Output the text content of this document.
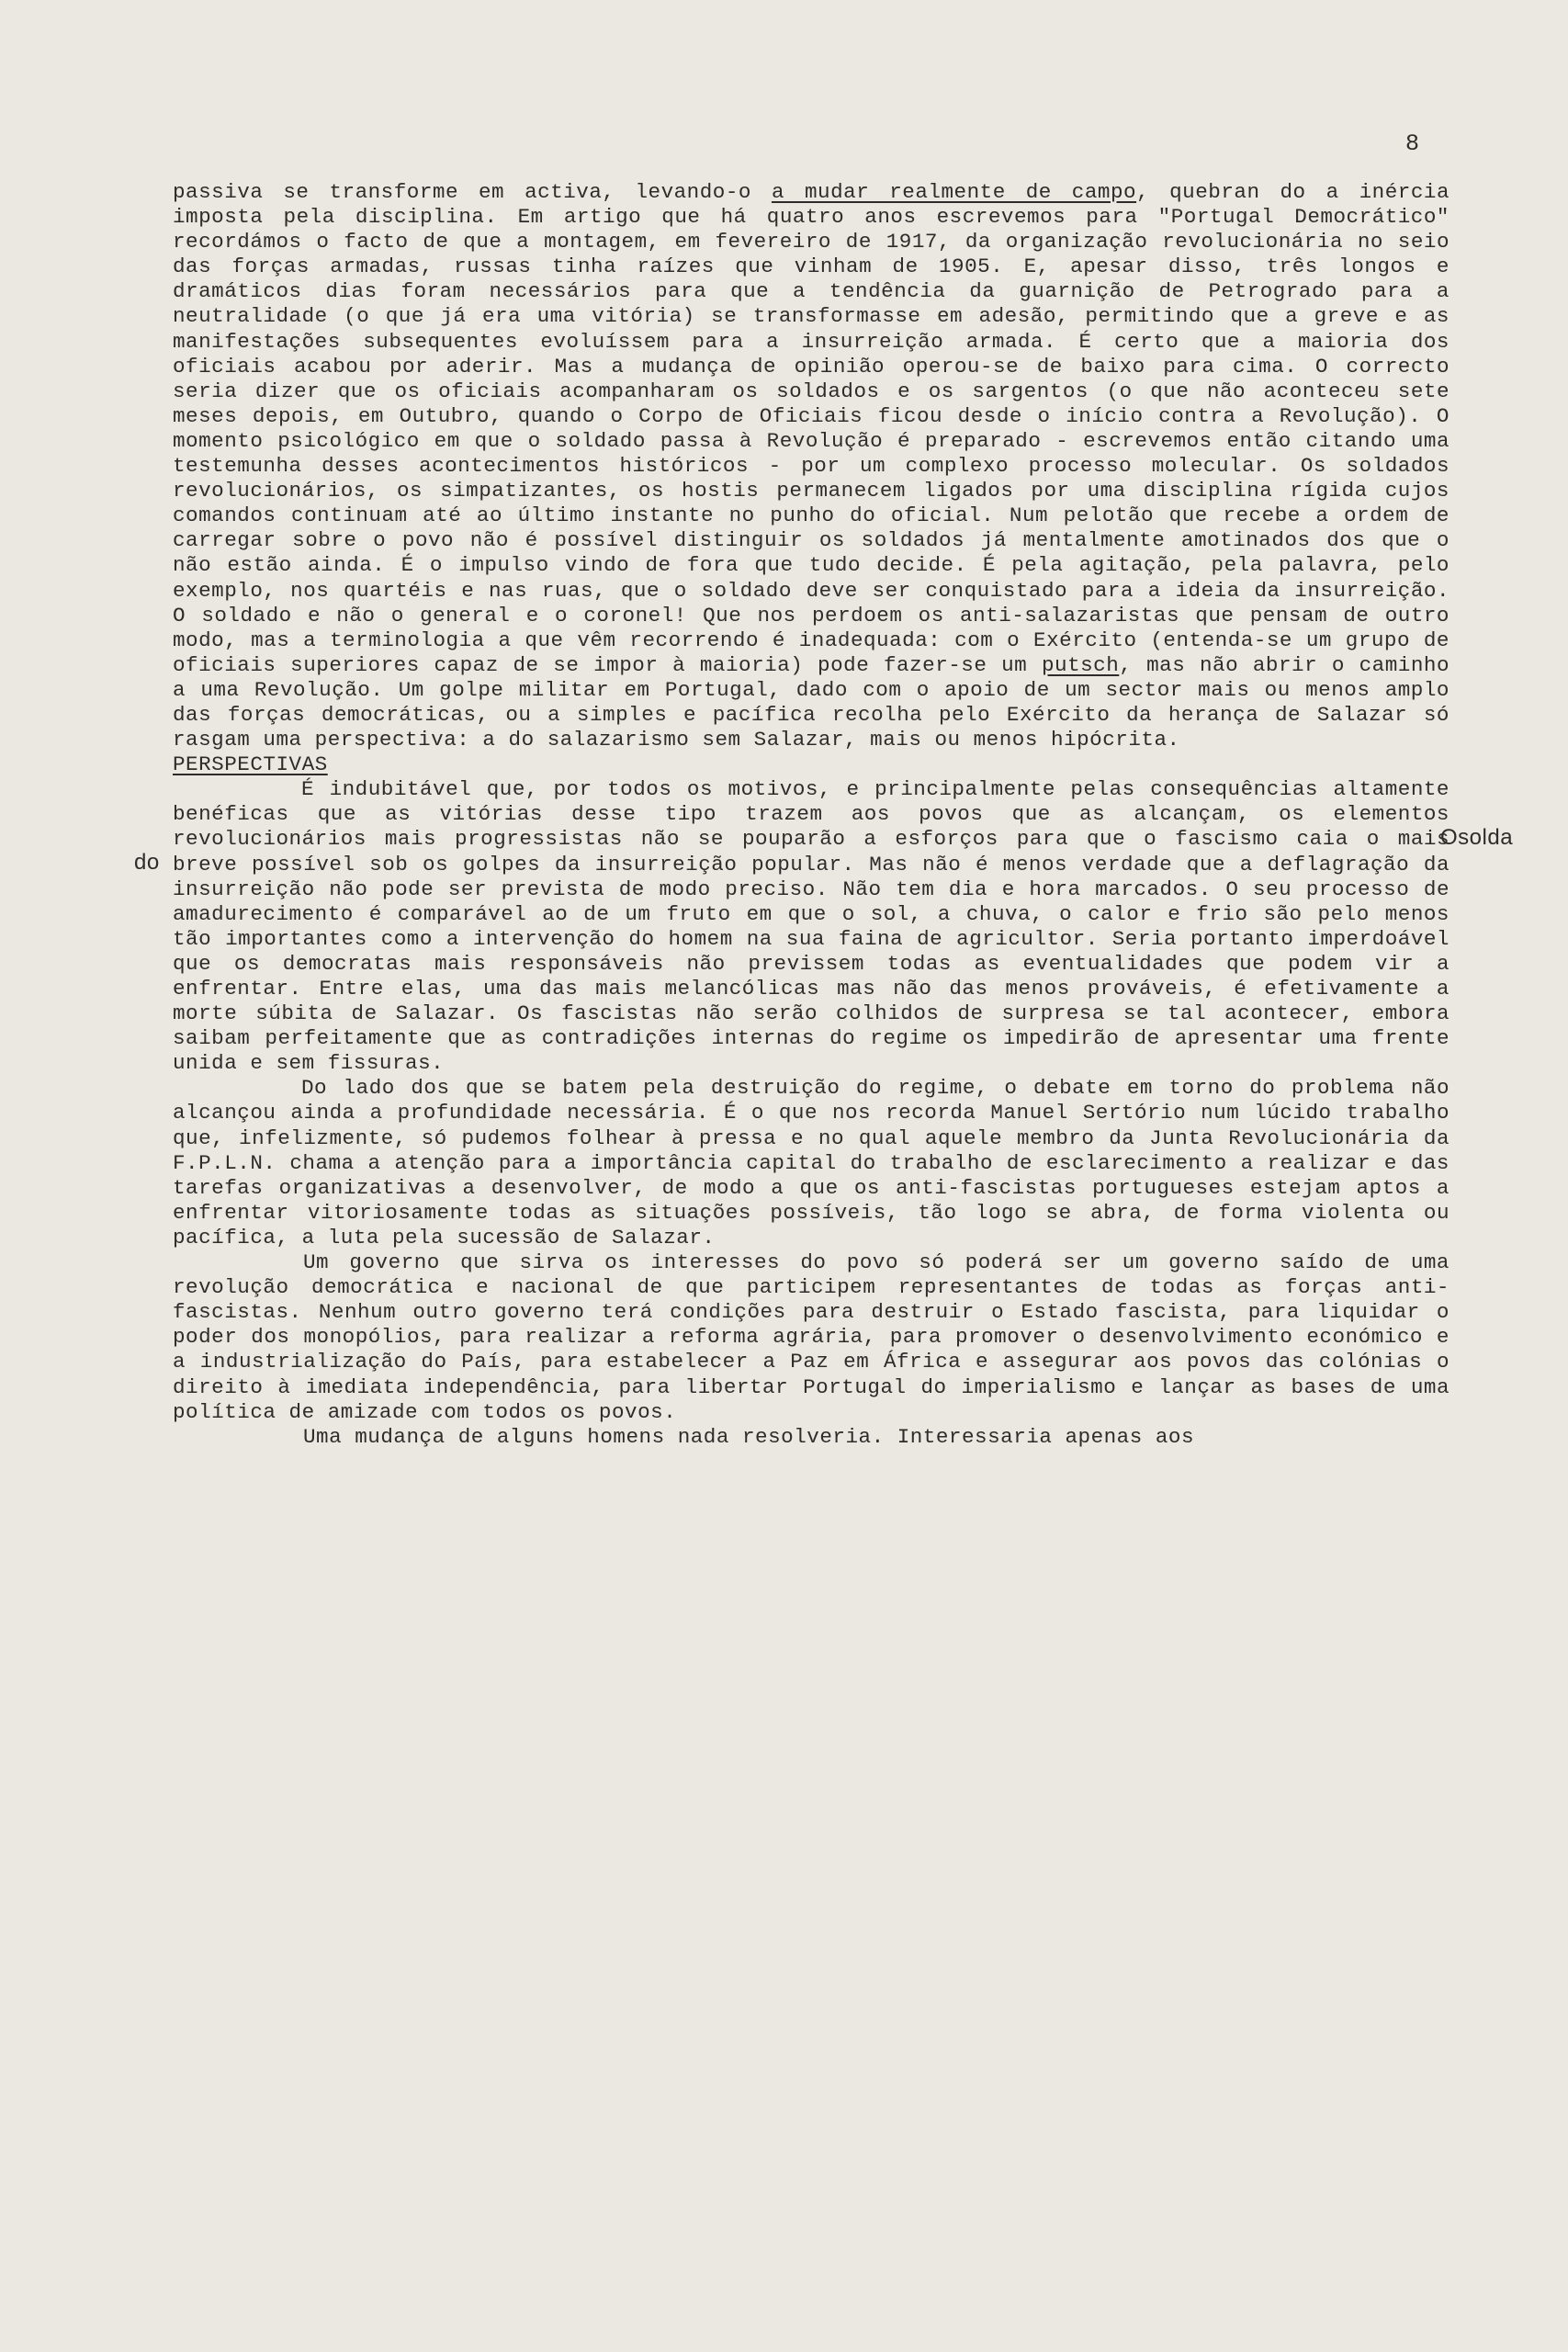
8

passiva se transforme em activa, levando-o a mudar realmente de campo, quebran do a inércia imposta pela disciplina. Em artigo que há quatro anos escrevemos para "Portugal Democrático" recordámos o facto de que a montagem, em fevereiro de 1917, da organização revolucionária no seio das forças armadas, russas tinha raízes que vinham de 1905. E, apesar disso, três longos e dramáticos dias foram necessários para que a tendência da guarnição de Petrogrado para a neutralidade (o que já era uma vitória) se transformasse em adesão, permitindo que a greve e as manifestações subsequentes evoluíssem para a insurreição armada. É certo que a maioria dos oficiais acabou por aderir. Mas a mudança de opinião operou-se de baixo para cima. O correcto seria dizer que os oficiais acompanharam os soldados e os sargentos (o que não aconteceu sete meses depois, em Outubro, quando o Corpo de Oficiais ficou desde o início contra a Revolução). O momento psicológico em que o soldado passa à Revolução é preparado - escrevemos então citando uma testemunha desses acontecimentos históricos - por um complexo processo molecular. Os soldados revolucionários, os simpatizantes, os hostis permanecem ligados por uma disciplina rígida cujos comandos continuam até ao último instante no punho do oficial. Num pelotão que recebe a ordem de carregar sobre o povo não é possível distinguir os soldados já mentalmente amotinados dos que o não estão ainda. É o impulso vindo de fora que tudo decide. É pela agitação, pela palavra, pelo exemplo, nos quartéis e nas ruas, que o soldado deve ser conquistado para a ideia da insurreição. O soldado e não o general e o coronel! Que nos perdoem os anti-salazaristas que pensam de outro modo, mas a terminologia a que vêm recorrendo é inadequada: com o Exército (entenda-se um grupo de oficiais superiores capaz de se impor à maioria) pode fazer-se um putsch, mas não abrir o caminho a uma Revolução. Um golpe militar em Portugal, dado com o apoio de um sector mais ou menos amplo das forças democráticas, ou a simples e pacífica recolha pelo Exército da herança de Salazar só rasgam uma perspectiva: a do salazarismo sem Salazar, mais ou menos hipócrita.

do
Osolda

PERSPECTIVAS

É indubitável que, por todos os motivos, e principalmente pelas consequências altamente benéficas que as vitórias desse tipo trazem aos povos que as alcançam, os elementos revolucionários mais progressistas não se pouparão a esforços para que o fascismo caia o mais breve possível sob os golpes da insurreição popular. Mas não é menos verdade que a deflagração da insurreição não pode ser prevista de modo preciso. Não tem dia e hora marcados. O seu processo de amadurecimento é comparável ao de um fruto em que o sol, a chuva, o calor e frio são pelo menos tão importantes como a intervenção do homem na sua faina de agricultor. Seria portanto imperdoável que os democratas mais responsáveis não previssem todas as eventualidades que podem vir a enfrentar. Entre elas, uma das mais melancólicas mas não das menos prováveis, é efetivamente a morte súbita de Salazar. Os fascistas não serão colhidos de surpresa se tal acontecer, embora saibam perfeitamente que as contradições internas do regime os impedirão de apresentar uma frente unida e sem fissuras.

Do lado dos que se batem pela destruição do regime, o debate em torno do problema não alcançou ainda a profundidade necessária. É o que nos recorda Manuel Sertório num lúcido trabalho que, infelizmente, só pudemos folhear à pressa e no qual aquele membro da Junta Revolucionária da F.P.L.N. chama a atenção para a importância capital do trabalho de esclarecimento a realizar e das tarefas organizativas a desenvolver, de modo a que os anti-fascistas portugueses estejam aptos a enfrentar vitoriosamente todas as situações possíveis, tão logo se abra, de forma violenta ou pacífica, a luta pela sucessão de Salazar.

Um governo que sirva os interesses do povo só poderá ser um governo saído de uma revolução democrática e nacional de que participem representantes de todas as forças anti-fascistas. Nenhum outro governo terá condições para destruir o Estado fascista, para liquidar o poder dos monopólios, para realizar a reforma agrária, para promover o desenvolvimento económico e a industrialização do País, para estabelecer a Paz em África e assegurar aos povos das colónias o direito à imediata independência, para libertar Portugal do imperialismo e lançar as bases de uma política de amizade com todos os povos.

Uma mudança de alguns homens nada resolveria. Interessaria apenas aos
